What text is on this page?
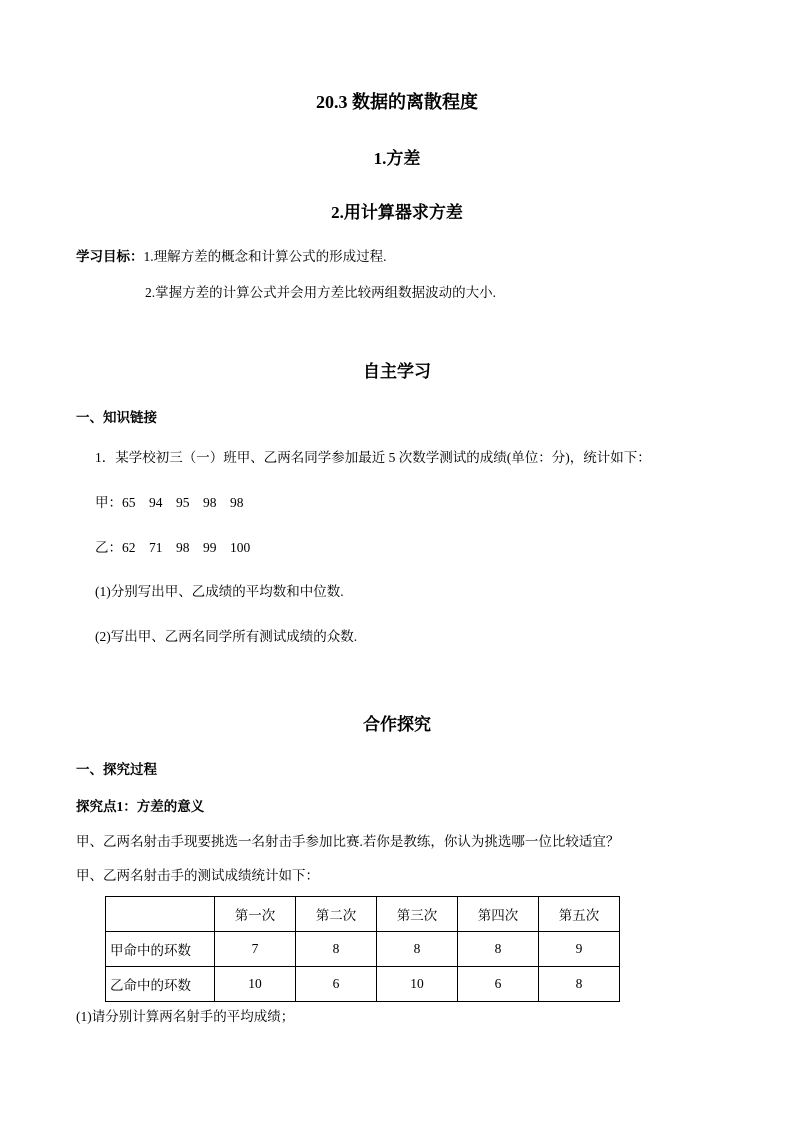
20.3 数据的离散程度
1.方差
2.用计算器求方差
学习目标：1.理解方差的概念和计算公式的形成过程.
2.掌握方差的计算公式并会用方差比较两组数据波动的大小.
自主学习
一、知识链接
1．某学校初三（一）班甲、乙两名同学参加最近 5 次数学测试的成绩(单位：分)，统计如下：
甲：65    94    95    98    98
乙：62    71    98    99    100
(1)分别写出甲、乙成绩的平均数和中位数.
(2)写出甲、乙两名同学所有测试成绩的众数.
合作探究
一、探究过程
探究点1：方差的意义
甲、乙两名射击手现要挑选一名射击手参加比赛.若你是教练，你认为挑选哪一位比较适宜？
甲、乙两名射击手的测试成绩统计如下：
	第一次	第二次	第三次	第四次	第五次
甲命中的环数	7	8	8	8	9
乙命中的环数	10	6	10	6	8
(1)请分别计算两名射手的平均成绩；
